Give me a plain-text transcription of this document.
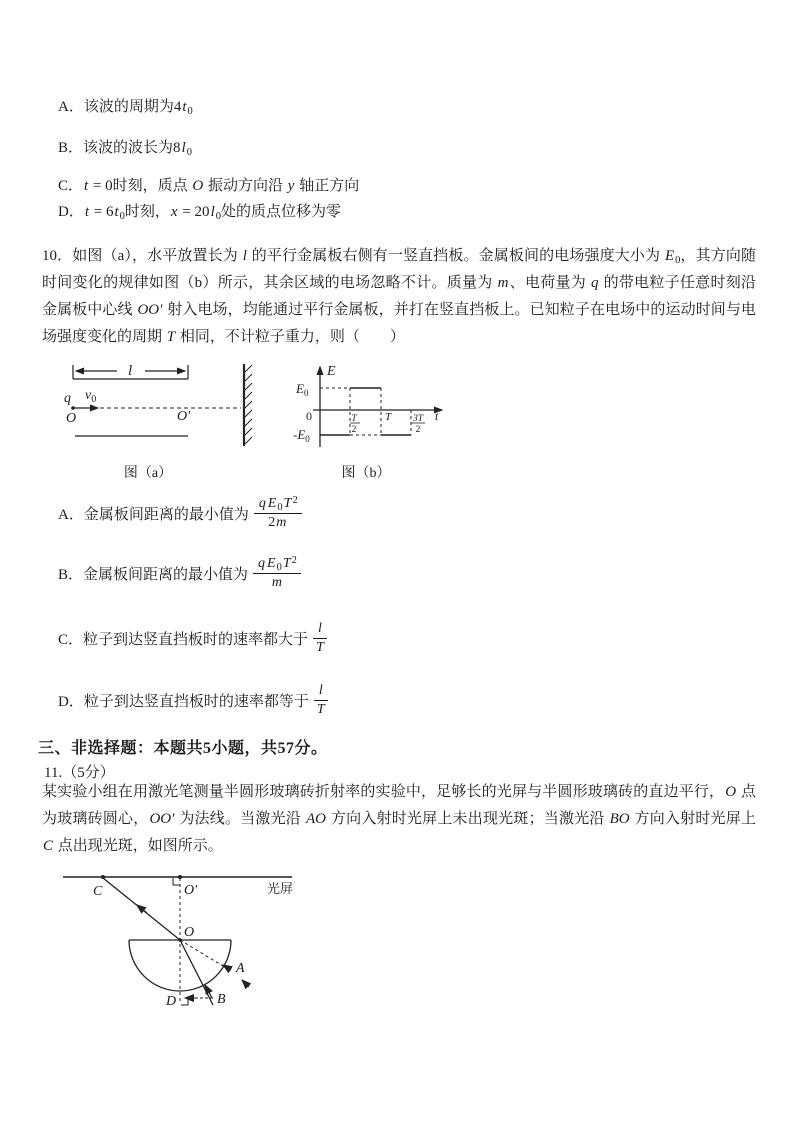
A．该波的周期为$4t_0$
B．该波的波长为$8l_0$
C．t = 0时刻，质点 O 振动方向沿 y 轴正方向
D．$t = 6t_0$时刻，$x = 20l_0$处的质点位移为零
10．如图（a），水平放置长为 l 的平行金属板右侧有一竖直挡板。金属板间的电场强度大小为 $E_0$，其方向随时间变化的规律如图（b）所示，其余区域的电场忽略不计。质量为 m、电荷量为 q 的带电粒子任意时刻沿金属板中心线 OO′ 射入电场，均能通过平行金属板，并打在竖直挡板上。已知粒子在电场中的运动时间与电场强度变化的周期 T 相同，不计粒子重力，则（　　）
l
q $v_0$
O	O′
E
$E_0$
0
$-E_0$
T
2
T 3T
2
t
图（a）	图（b）
A．金属板间距离的最小值为 $\frac{q E_0T^2}{2m}$
B．金属板间距离的最小值为 $\frac{q E_0T^2}{m}$
C．粒子到达竖直挡板时的速率都大于 $\frac{l}{T}$
D．粒子到达竖直挡板时的速率都等于 $\frac{l}{T}$
三、非选择题：本题共5小题，共57分。
11.（5分）
某实验小组在用激光笔测量半圆形玻璃砖折射率的实验中，足够长的光屏与半圆形玻璃砖的直边平行，O 点为玻璃砖圆心，OO′ 为法线。当激光沿 AO 方向入射时光屏上未出现光斑；当激光沿 BO 方向入射时光屏上 C 点出现光斑，如图所示。
光屏
C	O′
O
A
B
D
